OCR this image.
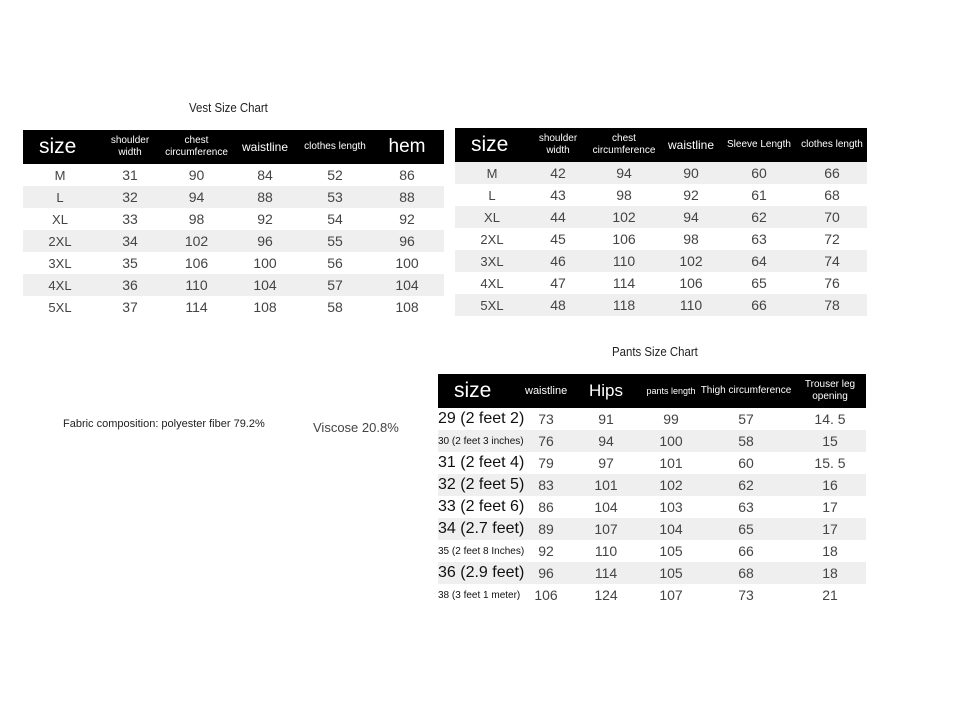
Vest Size Chart
size	shoulder width	chest circumference	waistline	clothes length	hem
M	31	90	84	52	86
L	32	94	88	53	88
XL	33	98	92	54	92
2XL	34	102	96	55	96
3XL	35	106	100	56	100
4XL	36	110	104	57	104
5XL	37	114	108	58	108
size	shoulder width	chest circumference	waistline	Sleeve Length	clothes length
M	42	94	90	60	66
L	43	98	92	61	68
XL	44	102	94	62	70
2XL	45	106	98	63	72
3XL	46	110	102	64	74
4XL	47	114	106	65	76
5XL	48	118	110	66	78
Pants Size Chart
size	waistline	Hips	pants length	Thigh circumference	Trouser leg opening
29 (2 feet 2)	73	91	99	57	14. 5
30 (2 feet 3 inches)	76	94	100	58	15
31 (2 feet 4)	79	97	101	60	15. 5
32 (2 feet 5)	83	101	102	62	16
33 (2 feet 6)	86	104	103	63	17
34 (2.7 feet)	89	107	104	65	17
35 (2 feet 8 Inches)	92	110	105	66	18
36 (2.9 feet)	96	114	105	68	18
38 (3 feet 1 meter)	106	124	107	73	21
Fabric composition: polyester fiber 79.2%	Viscose 20.8%
